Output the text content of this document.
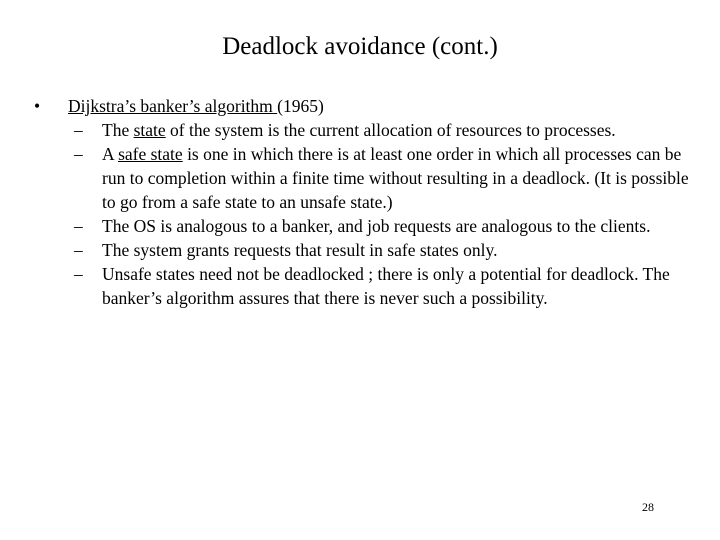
Deadlock avoidance (cont.)
• Dijkstra’s banker’s algorithm (1965)
– The state of the system is the current allocation of resources to processes.
– A safe state is one in which there is at least one order in which all processes can be run to completion within a finite time without resulting in a deadlock. (It is possible to go from a safe state to an unsafe state.)
– The OS is analogous to a banker, and job requests are analogous to the clients.
– The system grants requests that result in safe states only.
– Unsafe states need not be deadlocked ; there is only a potential for deadlock. The banker’s algorithm assures that there is never such a possibility.
28
